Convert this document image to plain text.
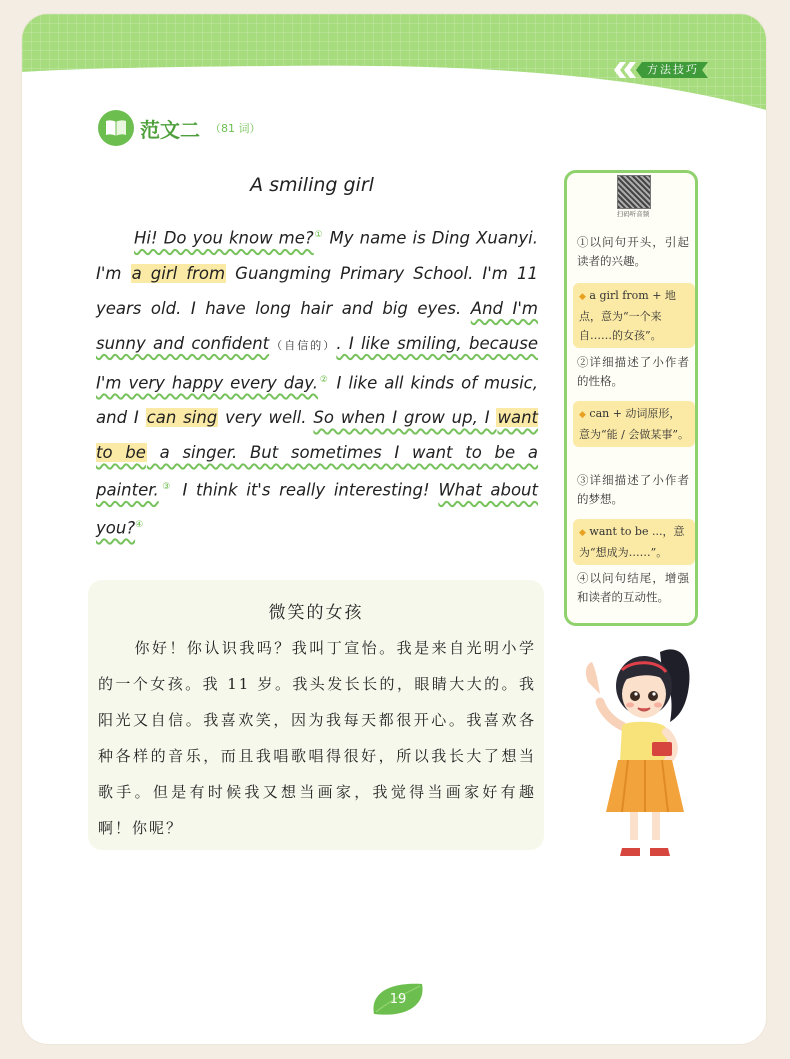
方法技巧
范文二 （81 词）
A smiling girl
Hi! Do you know me?① My name is Ding Xuanyi. I'm a girl from Guangming Primary School. I'm 11 years old. I have long hair and big eyes. And I'm sunny and confident（自信的）. I like smiling, because I'm very happy every day.② I like all kinds of music, and I can sing very well. So when I grow up, I want to be a singer. But sometimes I want to be a painter.③ I think it's really interesting! What about you?④
扫码听音频
①以问句开头，引起读者的兴趣。
◆ a girl from + 地点，意为“一个来自……的女孩”。
②详细描述了小作者的性格。
◆ can + 动词原形，意为“能 / 会做某事”。
③详细描述了小作者的梦想。
◆ want to be ...，意为“想成为……”。
④以问句结尾，增强和读者的互动性。
微笑的女孩
你好！你认识我吗？我叫丁宣怡。我是来自光明小学的一个女孩。我 11 岁。我头发长长的，眼睛大大的。我阳光又自信。我喜欢笑，因为我每天都很开心。我喜欢各种各样的音乐，而且我唱歌唱得很好，所以我长大了想当歌手。但是有时候我又想当画家，我觉得当画家好有趣啊！你呢？
19
